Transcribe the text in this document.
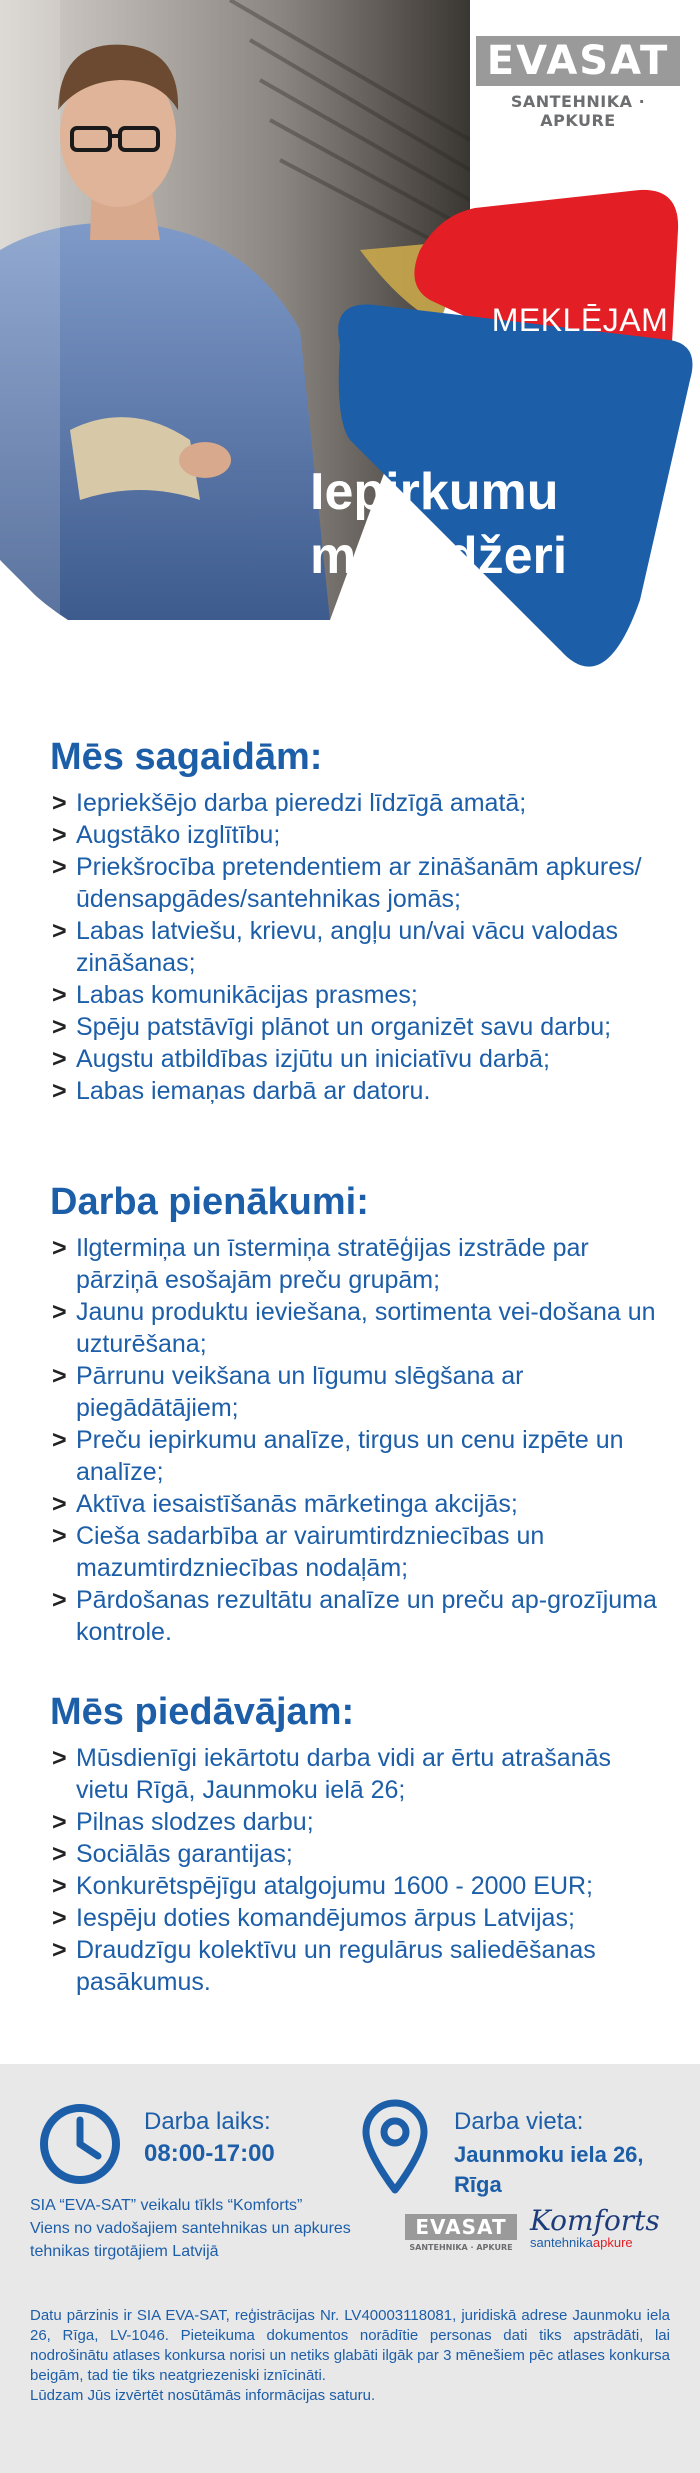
EVASAT
SANTEHNIKA · APKURE
MEKLĒJAM
Iepirkumu
menedžeri
Mēs sagaidām:
> Iepriekšējo darba pieredzi līdzīgā amatā;
> Augstāko izglītību;
> Priekšrocība pretendentiem ar zināšanām apkures/ūdensapgādes/santehnikas jomās;
> Labas latviešu, krievu, angļu un/vai vācu valodas zināšanas;
> Labas komunikācijas prasmes;
> Spēju patstāvīgi plānot un organizēt savu darbu;
> Augstu atbildības izjūtu un iniciatīvu darbā;
> Labas iemaņas darbā ar datoru.
Darba pienākumi:
> Ilgtermiņa un īstermiņa stratēģijas izstrāde par pārziņā esošajām preču grupām;
> Jaunu produktu ieviešana, sortimenta vei-došana un uzturēšana;
> Pārrunu veikšana un līgumu slēgšana ar piegādātājiem;
> Preču iepirkumu analīze, tirgus un cenu izpēte un analīze;
> Aktīva iesaistīšanās mārketinga akcijās;
> Cieša sadarbība ar vairumtirdzniecības un mazumtirdzniecības nodaļām;
> Pārdošanas rezultātu analīze un preču ap-grozījuma kontrole.
Mēs piedāvājam:
> Mūsdienīgi iekārtotu darba vidi ar ērtu atrašanās vietu Rīgā, Jaunmoku ielā 26;
> Pilnas slodzes darbu;
> Sociālās garantijas;
> Konkurētspējīgu atalgojumu 1600 - 2000 EUR;
> Iespēju doties komandējumos ārpus Latvijas;
> Draudzīgu kolektīvu un regulārus saliedēšanas pasākumus.
Darba laiks:
08:00-17:00
Darba vieta:
Jaunmoku iela 26, Rīga
SIA “EVA-SAT” veikalu tīkls “Komforts”
Viens no vadošajiem santehnikas un apkures tehnikas tirgotājiem Latvijā
EVASAT
SANTEHNIKA · APKURE
Komforts
santehnikaapkure

Datu pārzinis ir SIA EVA-SAT, reģistrācijas Nr. LV40003118081, juridiskā adrese Jaunmoku iela 26, Rīga, LV-1046. Pieteikuma dokumentos norādītie personas dati tiks apstrādāti, lai nodrošinātu atlases konkursa norisi un netiks glabāti ilgāk par 3 mēnešiem pēc atlases konkursa beigām, tad tie tiks neatgriezeniski iznīcināti.

Lūdzam Jūs izvērtēt nosūtāmās informācijas saturu.
